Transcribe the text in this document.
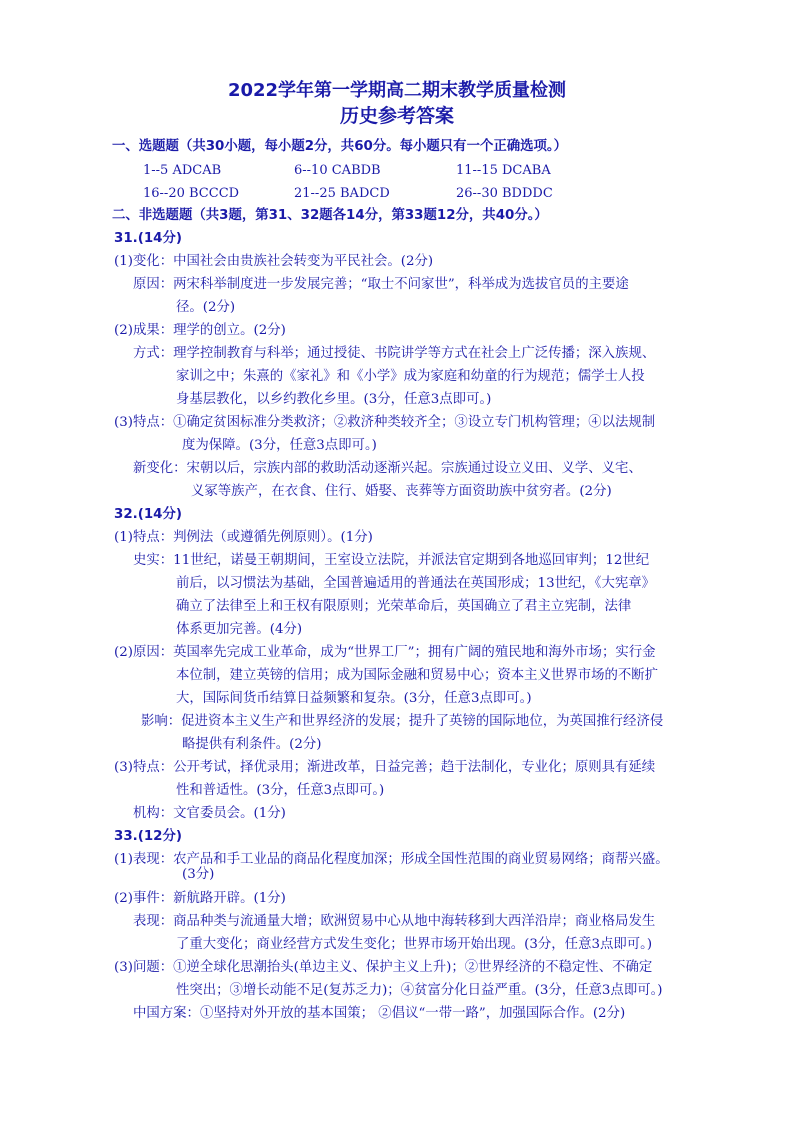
2022学年第一学期高二期末教学质量检测
历史参考答案
一、选题题（共30小题，每小题2分，共60分。每小题只有一个正确选项。）
1--5 ADCAB	6--10 CABDB	11--15 DCABA
16--20 BCCCD	21--25 BADCD	26--30 BDDDC
二、非选题题（共3题，第31、32题各14分，第33题12分，共40分。）
31.(14分)
(1)变化：中国社会由贵族社会转变为平民社会。(2分)
原因：两宋科举制度进一步发展完善；“取士不问家世”，科举成为选拔官员的主要途
径。(2分)
(2)成果：理学的创立。(2分)
方式：理学控制教育与科举；通过授徒、书院讲学等方式在社会上广泛传播；深入族规、
家训之中；朱熹的《家礼》和《小学》成为家庭和幼童的行为规范；儒学士人投
身基层教化，以乡约教化乡里。(3分，任意3点即可。)
(3)特点：①确定贫困标准分类救济；②救济种类较齐全；③设立专门机构管理；④以法规制
度为保障。(3分，任意3点即可。)
新变化：宋朝以后，宗族内部的救助活动逐渐兴起。宗族通过设立义田、义学、义宅、
义冢等族产，在衣食、住行、婚娶、丧葬等方面资助族中贫穷者。(2分)
32.(14分)
(1)特点：判例法（或遵循先例原则）。(1分)
史实：11世纪，诺曼王朝期间，王室设立法院，并派法官定期到各地巡回审判；12世纪
前后，以习惯法为基础，全国普遍适用的普通法在英国形成；13世纪，《大宪章》
确立了法律至上和王权有限原则；光荣革命后，英国确立了君主立宪制，法律
体系更加完善。(4分)
(2)原因：英国率先完成工业革命，成为“世界工厂”；拥有广阔的殖民地和海外市场；实行金
本位制，建立英镑的信用；成为国际金融和贸易中心；资本主义世界市场的不断扩
大，国际间货币结算日益频繁和复杂。(3分，任意3点即可。)
影响：促进资本主义生产和世界经济的发展；提升了英镑的国际地位，为英国推行经济侵
略提供有利条件。(2分)
(3)特点：公开考试，择优录用；渐进改革，日益完善；趋于法制化，专业化；原则具有延续
性和普适性。(3分，任意3点即可。)
机构：文官委员会。(1分)
33.(12分)
(1)表现：农产品和手工业品的商品化程度加深；形成全国性范围的商业贸易网络；商帮兴盛。
(3分)
(2)事件：新航路开辟。(1分)
表现：商品种类与流通量大增；欧洲贸易中心从地中海转移到大西洋沿岸；商业格局发生
了重大变化；商业经营方式发生变化；世界市场开始出现。(3分，任意3点即可。)
(3)问题：①逆全球化思潮抬头(单边主义、保护主义上升)；②世界经济的不稳定性、不确定
性突出；③增长动能不足(复苏乏力)；④贫富分化日益严重。(3分，任意3点即可。)
中国方案：①坚持对外开放的基本国策； ②倡议“一带一路”，加强国际合作。(2分)
